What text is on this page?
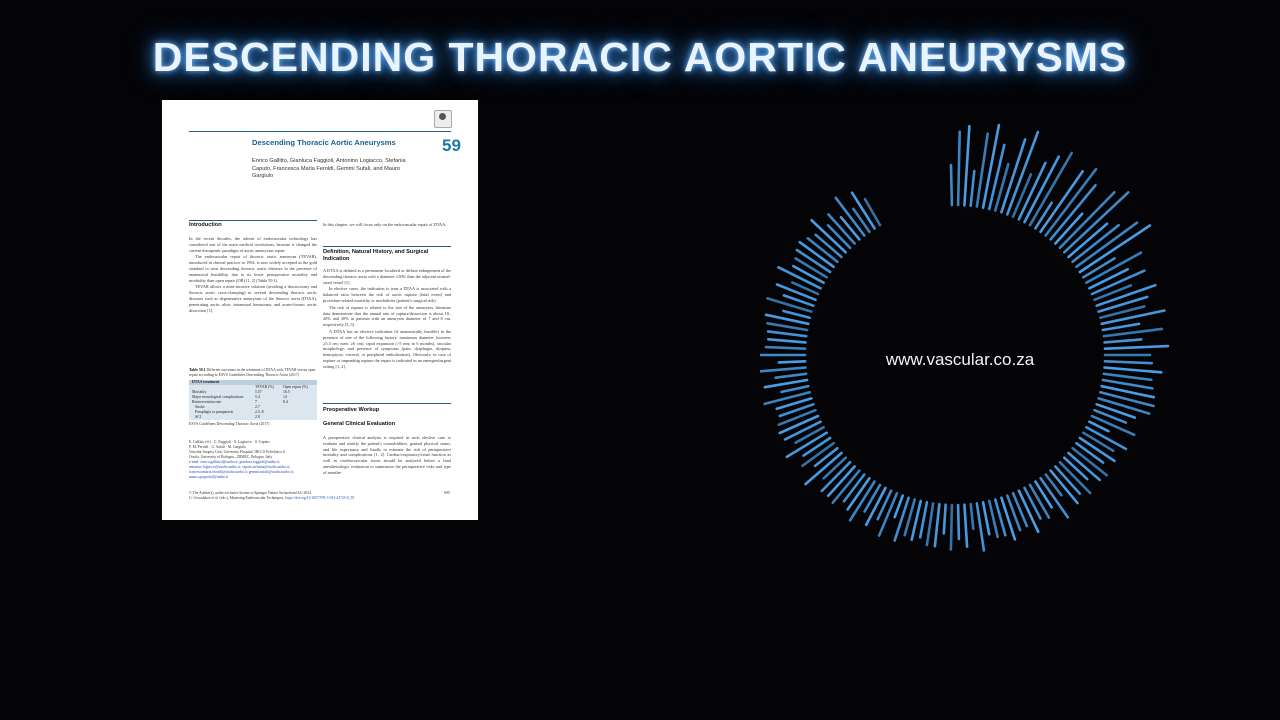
DESCENDING THORACIC AORTIC ANEURYSMS
Descending Thoracic Aortic Aneurysms	59
Enrico Gallitto, Gianluca Faggioli, Antonino Logiacco, Stefania Caputo, Francesca Maria Feroldi, Gemmi Sufali, and Mauro Gargiulo
Introduction

In the recent decades, the advent of endovascular technology has considered one of the main medical revolutions, because it changed the current therapeutic paradigm of aortic aneurysms repair.

The endovascular repair of thoracic aortic aneurysm (TEVAR), introduced in clinical practice in 1994, is now widely accepted as the gold standard to treat descending thoracic aortic diseases in the presence of anatomical feasibility, due to its lower perioperative mortality and morbidity than open repair (OR) [1, 2] (Table 59.1).

TEVAR allows a mini-invasive solution (avoiding a thoracotomy and thoracic aortic cross-clamping) in several descending thoracic aortic diseases such as degenerative aneurysms of the thoracic aorta (DTAA), penetrating aortic ulcer, intramural hematoma, and acute/chronic aortic dissection [1].

Table 59.1 Different outcomes in the treatment of DTAA with TEVAR versus open repair according to ESVS Guidelines Descending Thoracic Aorta (2017)
DTAA treatment
TEVAR (%)	Open repair (%)
Mortality	5.57	16.5
Major neurological complications	5.4	14
Reintervention rate	7	8.4
Stroke	2.7
Paraplegia or paraparesis	2.5–8
SCI	2.8
ESVS Guidelines Descending Thoracic Aorta (2017)
E. Gallitto (✉) · G. Faggioli · A. Logiacco · S. Caputo ·
F. M. Feroldi · G. Sufali · M. Gargiulo
Vascular Surgery Unit, University Hospital, IRCCS Policlinico S.
Orsola, University of Bologna—DIMEC, Bologna, Italy
e-mail: enrico.gallitto2@unibo.it; gianluca.faggioli@unibo.it; antonino.logiacco@studio.unibo.it; caputo.stefania@studio.unibo.it; francescamaria.feroldi@studio.unibo.it; gemmi.sufali@studio.unibo.it; mauro.gargiulo2@unibo.it
In this chapter, we will focus only on the endovascular repair of DTAA.
Definition, Natural History, and Surgical Indication

A DTAA is defined as a permanent localized or diffuse enlargement of the descending thoracic aorta with a diameter ≥50% than the adjacent normal-sized vessel [1].

In elective cases, the indication to treat a DTAA is associated with a balanced ratio between the risk of aortic rupture (fatal event) and procedure-related mortality or morbidities (patient's surgical risk).

The risk of rupture is related to the size of the aneurysm, literature data demonstrate that the annual rate of rupture/dissection is about 10–20% and 30% in patients with an aneurysm diameter of 7 and 8 cm, respectively [3–5].

A DTAA has an elective indication (if anatomically feasible) in the presence of one of the following factors: maximum diameter (women: ≥5.5 cm; men: ≥6 cm), rapid expansion (>5 mm in 6 months), saccular morphology, and presence of symptoms (pain, dysphagia, dyspnea, hemoptysis, visceral, or peripheral embolization). Obviously, in case of rupture or impending rupture the repair is indicated in an emergent/urgent setting [1, 2].

Preoperative Workup
General Clinical Evaluation
A preoperative clinical analysis is required in each elective case to evaluate and stratify the patient's comorbidities, general physical status, and life expectancy and finally to estimate the risk of perioperative mortality and complications [1, 2]. Cardiac/respiratory/renal function as well as cerebrovascular status should be analyzed before a final anesthesiologic evaluation to summarize the perioperative risks and type of anesthe-
© The Author(s), under exclusive license to Springer Nature Switzerland AG 2024
G. Geroulakos et al. (eds.), Mastering Endovascular Techniques, https://doi.org/10.1007/978-3-031-42735-0_59
695
www.vascular.co.za
